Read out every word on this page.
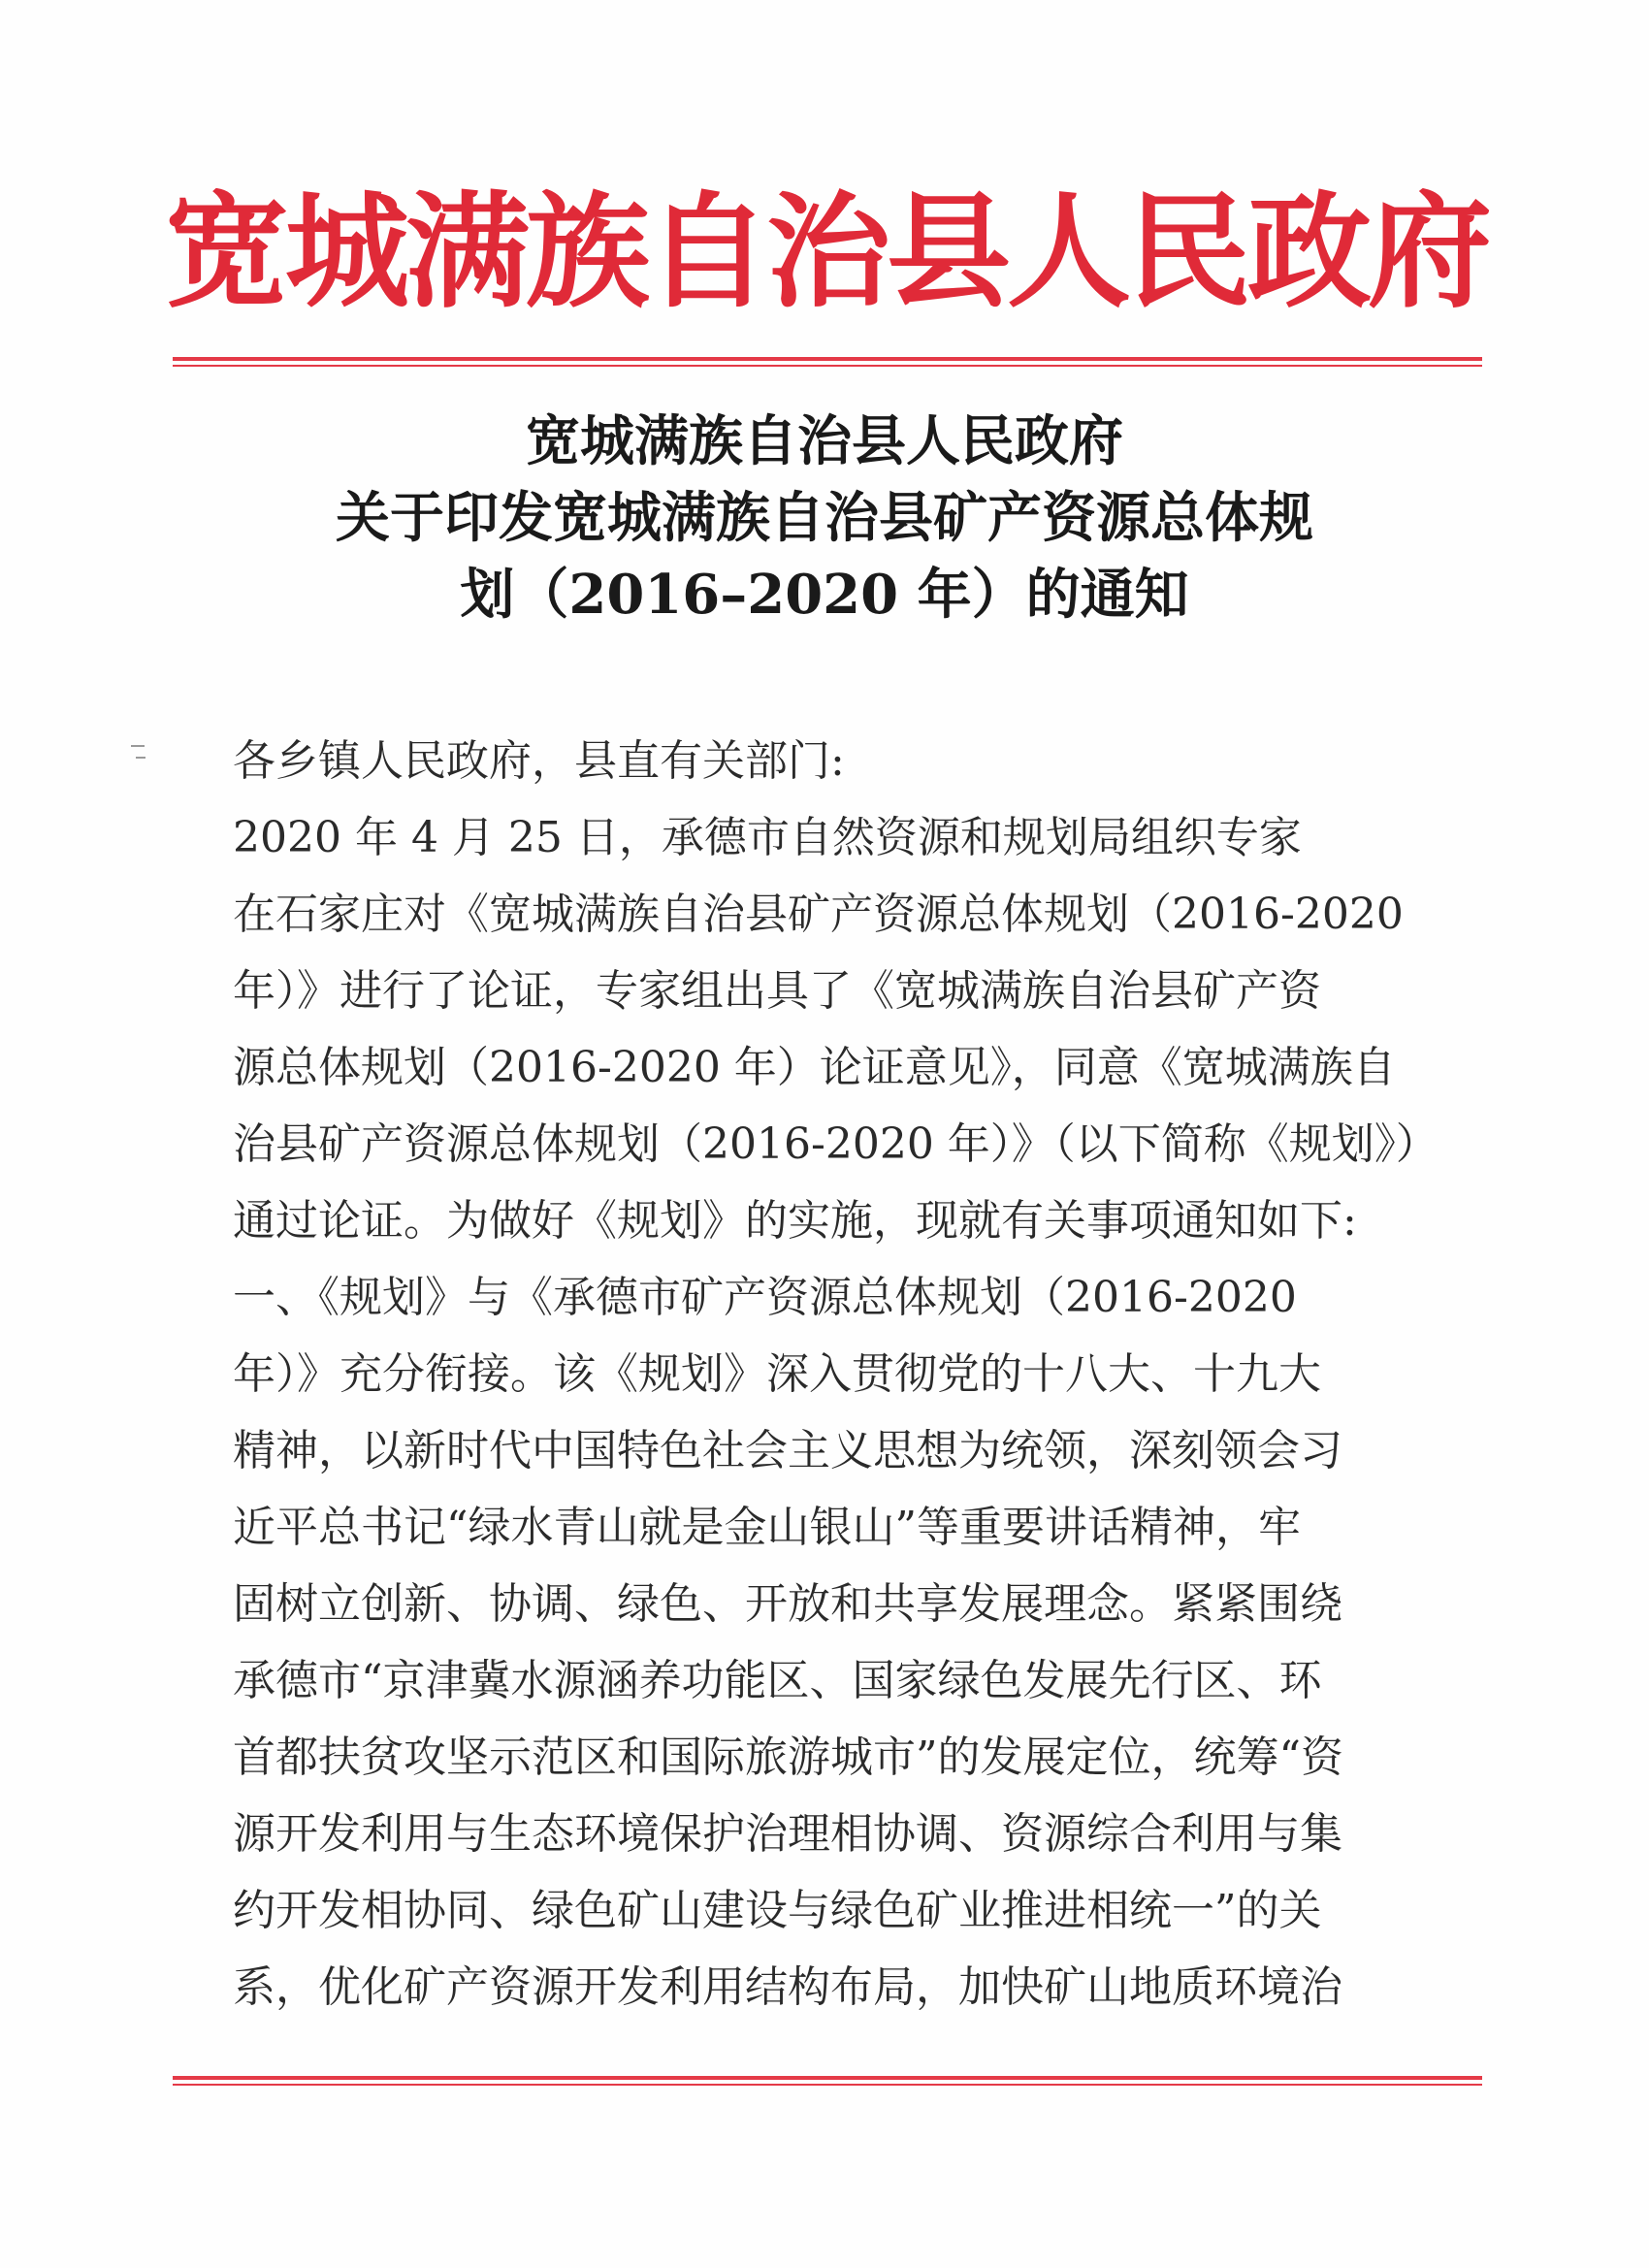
宽城满族自治县人民政府
宽城满族自治县人民政府
关于印发宽城满族自治县矿产资源总体规
划（2016–2020 年）的通知

各乡镇人民政府，县直有关部门:

2020 年 4 月 25 日，承德市自然资源和规划局组织专家

在石家庄对《宽城满族自治县矿产资源总体规划（2016-2020

年）》进行了论证，专家组出具了《宽城满族自治县矿产资

源总体规划（2016-2020 年）论证意见》，同意《宽城满族自

治县矿产资源总体规划（2016-2020 年）》（以下简称《规划》）

通过论证。为做好《规划》的实施，现就有关事项通知如下:

一、《规划》与《承德市矿产资源总体规划（2016-2020

年）》充分衔接。该《规划》深入贯彻党的十八大、十九大

精神，以新时代中国特色社会主义思想为统领，深刻领会习

近平总书记“绿水青山就是金山银山”等重要讲话精神，牢

固树立创新、协调、绿色、开放和共享发展理念。紧紧围绕

承德市“京津冀水源涵养功能区、国家绿色发展先行区、环

首都扶贫攻坚示范区和国际旅游城市”的发展定位，统筹“资

源开发利用与生态环境保护治理相协调、资源综合利用与集

约开发相协同、绿色矿山建设与绿色矿业推进相统一”的关

系，优化矿产资源开发利用结构布局，加快矿山地质环境治
